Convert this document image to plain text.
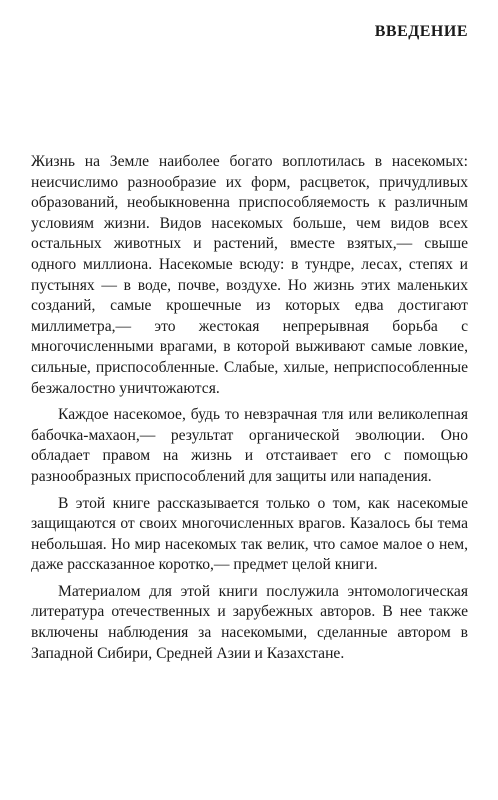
ВВЕДЕНИЕ

Жизнь на Земле наиболее богато воплотилась в насекомых: неисчислимо разнообразие их форм, расцветок, причудливых образований, необыкновенна приспособляемость к различным условиям жизни. Видов насекомых больше, чем видов всех остальных животных и растений, вместе взятых,— свыше одного миллиона. Насекомые всюду: в тундре, лесах, степях и пустынях — в воде, почве, воздухе. Но жизнь этих маленьких созданий, самые крошечные из которых едва достигают миллиметра,— это жестокая непрерывная борьба с многочисленными врагами, в которой выживают самые ловкие, сильные, приспособленные. Слабые, хилые, неприспособленные безжалостно уничтожаются.

Каждое насекомое, будь то невзрачная тля или великолепная бабочка-махаон,— результат органической эволюции. Оно обладает правом на жизнь и отстаивает его с помощью разнообразных приспособлений для защиты или нападения.

В этой книге рассказывается только о том, как насекомые защищаются от своих многочисленных врагов. Казалось бы тема небольшая. Но мир насекомых так велик, что самое малое о нем, даже рассказанное коротко,— предмет целой книги.

Материалом для этой книги послужила энтомологическая литература отечественных и зарубежных авторов. В нее также включены наблюдения за насекомыми, сделанные автором в Западной Сибири, Средней Азии и Казахстане.
